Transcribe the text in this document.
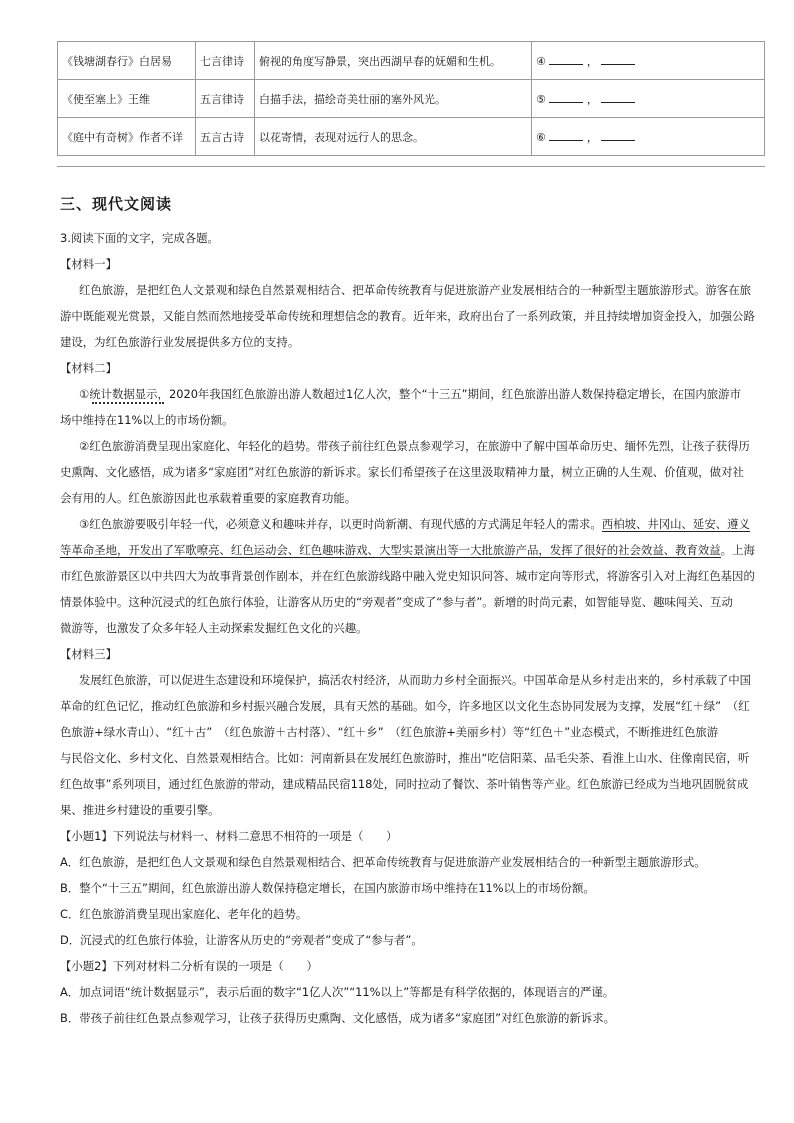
《钱塘湖春行》白居易	七言律诗	俯视的角度写静景，突出西湖早春的妩媚和生机。	④ ，
《使至塞上》王维	五言律诗	白描手法，描绘奇美壮丽的塞外风光。	⑤ ，
《庭中有奇树》作者不详	五言古诗	以花寄情，表现对远行人的思念。	⑥ ，
三、现代文阅读
3.阅读下面的文字，完成各题。
【材料一】
红色旅游，是把红色人文景观和绿色自然景观相结合、把革命传统教育与促进旅游产业发展相结合的一种新型主题旅游形式。游客在旅
游中既能观光赏景，又能自然而然地接受革命传统和理想信念的教育。近年来，政府出台了一系列政策，并且持续增加资金投入，加强公路
建设，为红色旅游行业发展提供多方位的支持。
【材料二】
①统计数据显示，2020年我国红色旅游出游人数超过1亿人次，整个“十三五”期间，红色旅游出游人数保持稳定增长，在国内旅游市
场中维持在11%以上的市场份额。
②红色旅游消费呈现出家庭化、年轻化的趋势。带孩子前往红色景点参观学习，在旅游中了解中国革命历史、缅怀先烈，让孩子获得历
史熏陶、文化感悟，成为诸多“家庭团”对红色旅游的新诉求。家长们希望孩子在这里汲取精神力量，树立正确的人生观、价值观，做对社
会有用的人。红色旅游因此也承载着重要的家庭教育功能。
③红色旅游要吸引年轻一代，必须意义和趣味并存，以更时尚新潮、有现代感的方式满足年轻人的需求。西柏坡、井冈山、延安、遵义
等革命圣地，开发出了军歌嘹亮、红色运动会、红色趣味游戏、大型实景演出等一大批旅游产品，发挥了很好的社会效益、教育效益。上海
市红色旅游景区以中共四大为故事背景创作剧本，并在红色旅游线路中融入党史知识问答、城市定向等形式，将游客引入对上海红色基因的
情景体验中。这种沉浸式的红色旅行体验，让游客从历史的“旁观者”变成了“参与者”。新增的时尚元素，如智能导览、趣味闯关、互动
微游等，也激发了众多年轻人主动探索发掘红色文化的兴趣。
【材料三】
发展红色旅游，可以促进生态建设和环境保护，搞活农村经济，从而助力乡村全面振兴。中国革命是从乡村走出来的，乡村承载了中国
革命的红色记忆，推动红色旅游和乡村振兴融合发展，具有天然的基础。如今，许多地区以文化生态协同发展为支撑，发展“红＋绿”　（红
色旅游+绿水青山）、“红＋古”　（红色旅游＋古村落）、“红＋乡”　（红色旅游+美丽乡村）等“红色＋”业态模式，不断推进红色旅游
与民俗文化、乡村文化、自然景观相结合。比如：河南新县在发展红色旅游时，推出“吃信阳菜、品毛尖茶、看淮上山水、住像南民宿，听
红色故事”系列项目，通过红色旅游的带动，建成精品民宿118处，同时拉动了餐饮、茶叶销售等产业。红色旅游已经成为当地巩固脱贫成
果、推进乡村建设的重要引擎。
【小题1】下列说法与材料一、材料二意思不相符的一项是（　　）
A．红色旅游，是把红色人文景观和绿色自然景观相结合、把革命传统教育与促进旅游产业发展相结合的一种新型主题旅游形式。
B．整个“十三五”期间，红色旅游出游人数保持稳定增长，在国内旅游市场中维持在11%以上的市场份额。
C．红色旅游消费呈现出家庭化、老年化的趋势。
D．沉浸式的红色旅行体验，让游客从历史的“旁观者”变成了“参与者”。
【小题2】下列对材料二分析有误的一项是（　　）
A．加点词语“统计数据显示”，表示后面的数字“1亿人次”“11%以上”等都是有科学依据的，体现语言的严谨。
B．带孩子前往红色景点参观学习，让孩子获得历史熏陶、文化感悟，成为诸多“家庭团”对红色旅游的新诉求。
